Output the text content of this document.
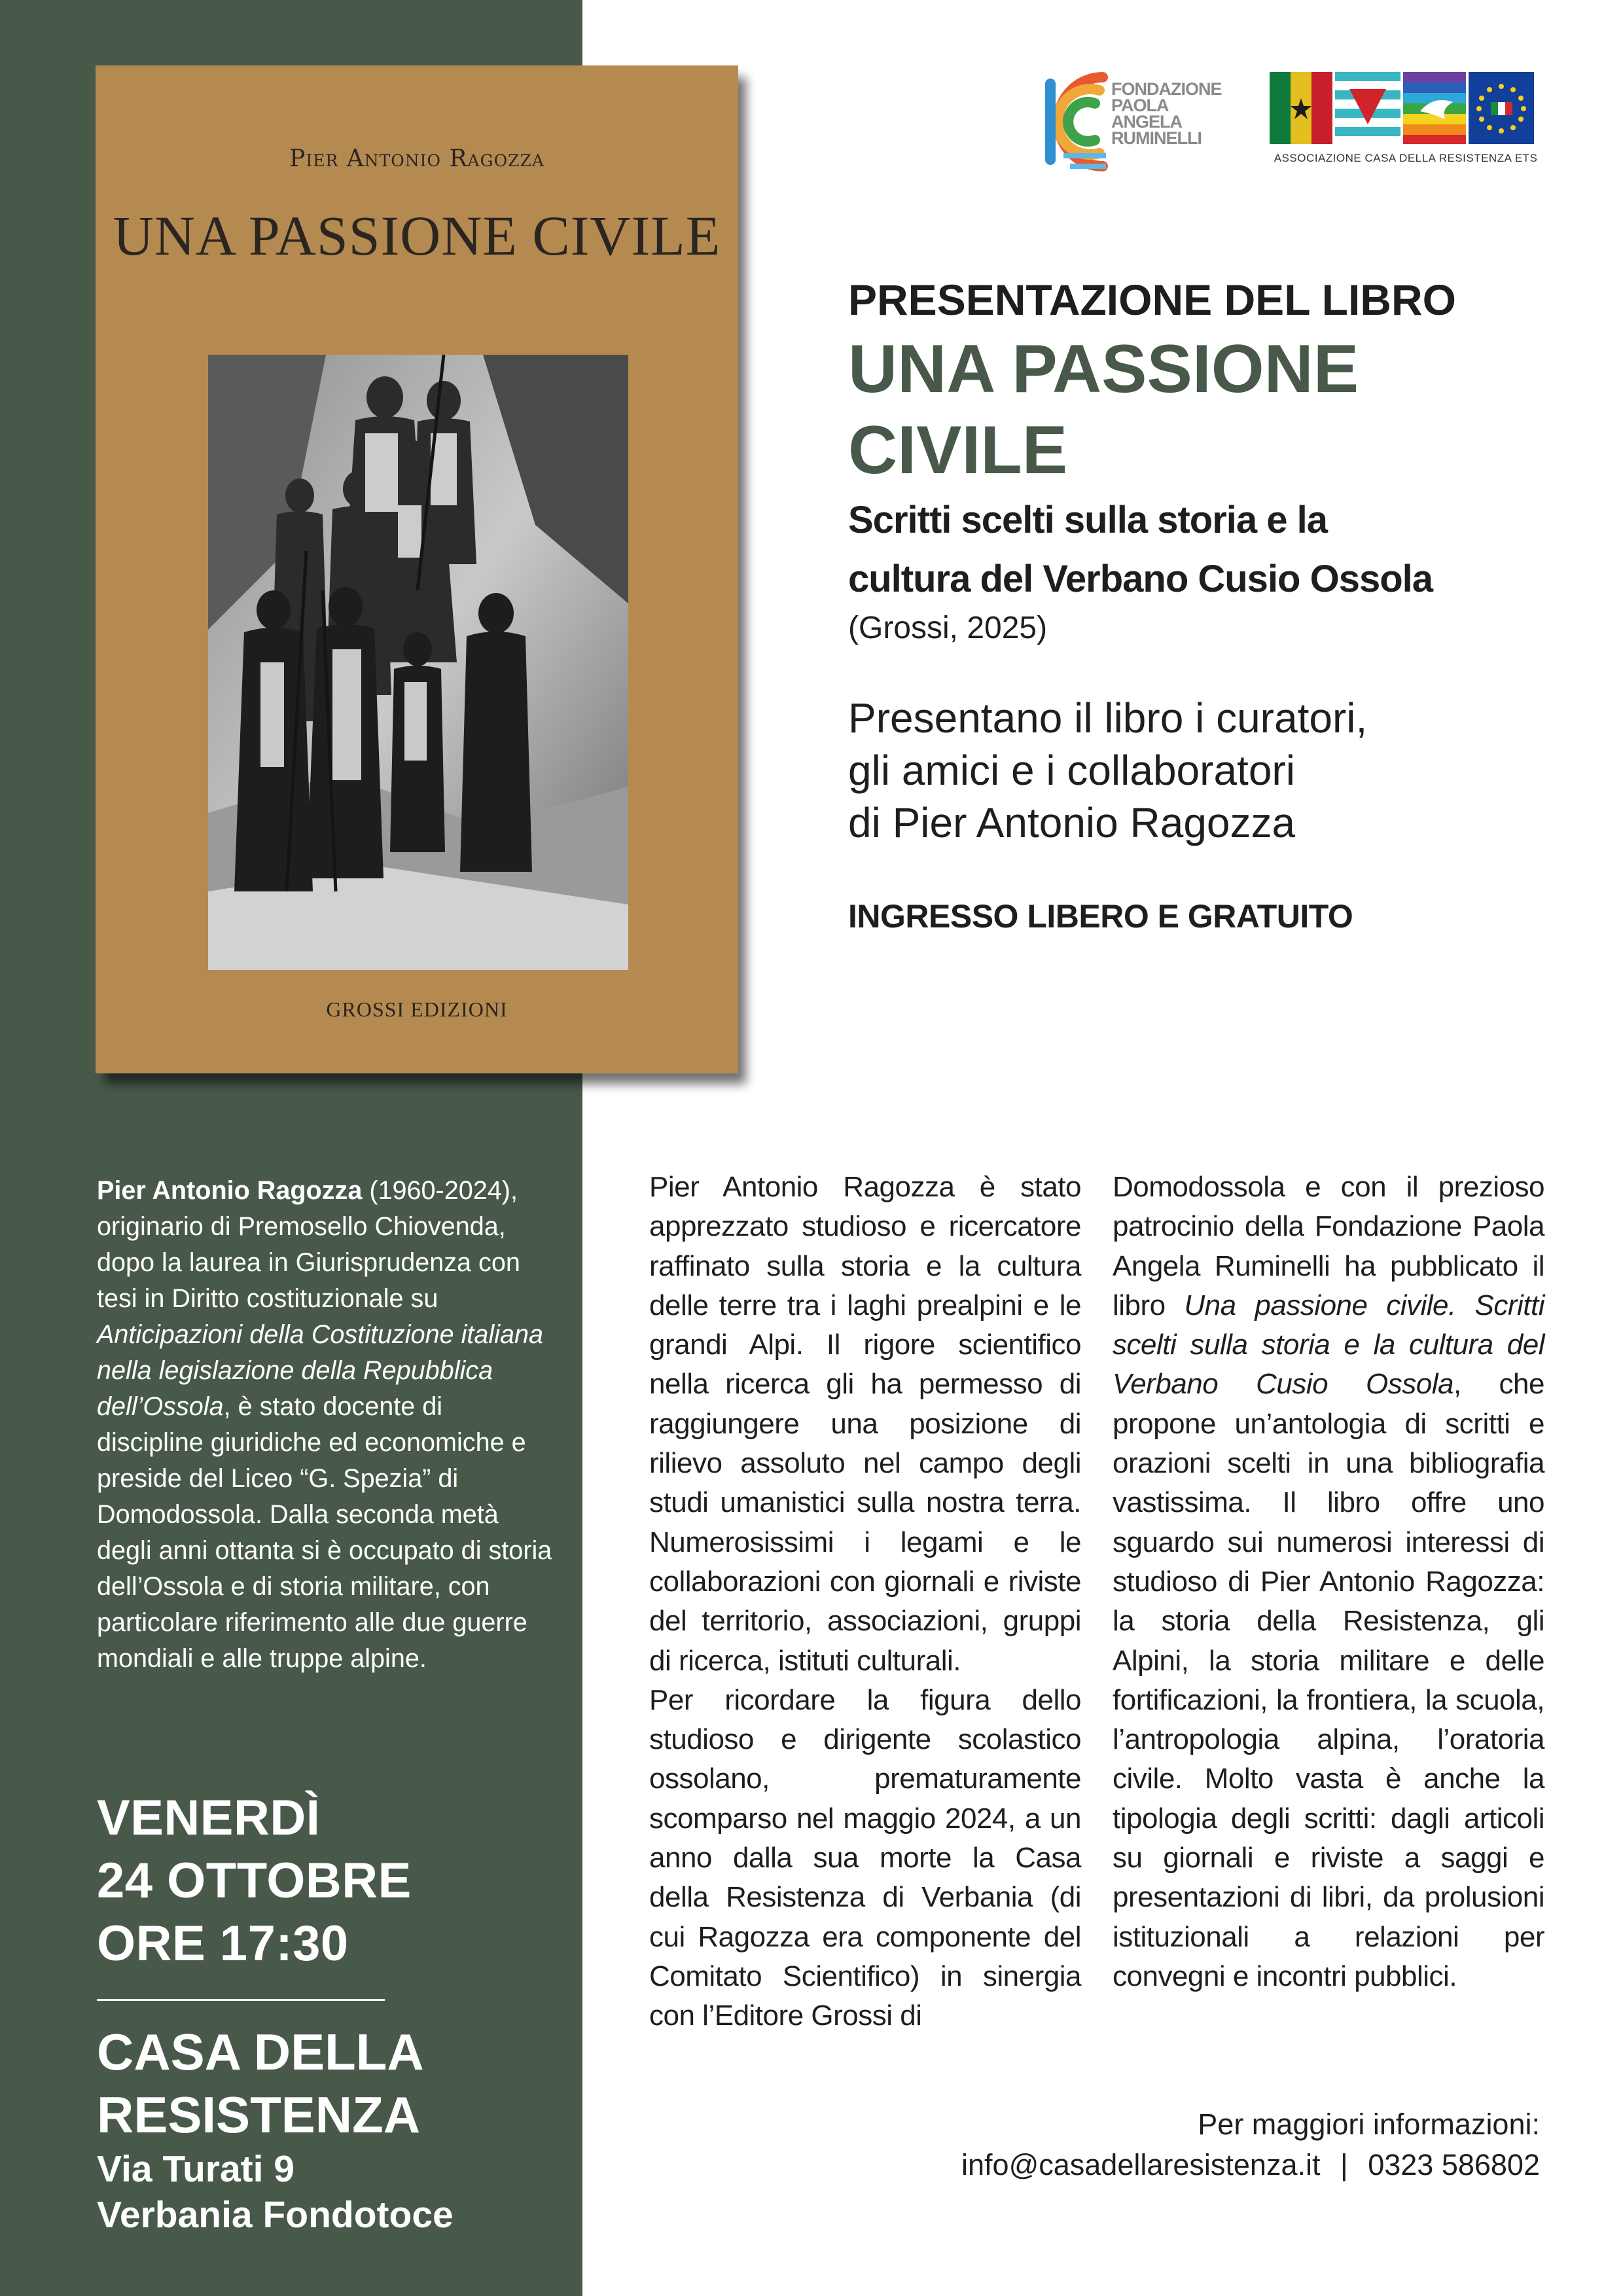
Pier Antonio Ragozza
UNA PASSIONE CIVILE
GROSSI EDIZIONI
FONDAZIONE
PAOLA
ANGELA
RUMINELLI
ASSOCIAZIONE CASA DELLA RESISTENZA ETS
PRESENTAZIONE DEL LIBRO
UNA PASSIONE
CIVILE
Scritti scelti sulla storia e la
cultura del Verbano Cusio Ossola
(Grossi, 2025)
Presentano il libro i curatori,
gli amici e i collaboratori
di Pier Antonio Ragozza
INGRESSO LIBERO E GRATUITO

Pier Antonio Ragozza (1960-2024), originario di Premosello Chiovenda, dopo la laurea in Giurisprudenza con tesi in Diritto costituzionale su Anticipazioni della Costituzione italiana nella legislazione della Repubblica dell’Ossola, è stato docente di discipline giuridiche ed economiche e preside del Liceo “G. Spezia” di Domodossola. Dalla seconda metà degli anni ottanta si è occupato di storia dell’Ossola e di storia militare, con particolare riferimento alle due guerre mondiali e alle truppe alpine.

VENERDÌ
24 OTTOBRE
ORE 17:30
CASA DELLA
RESISTENZA
Via Turati 9
Verbania Fondotoce

Pier Antonio Ragozza è stato apprezzato studioso e ricercatore raffinato sulla storia e la cultura delle terre tra i laghi prealpini e le grandi Alpi. Il rigore scientifico nella ricerca gli ha permesso di raggiungere una posizione di rilievo assoluto nel campo degli studi umanistici sulla nostra terra. Numerosissimi i legami e le collaborazioni con giornali e riviste del territorio, associazioni, gruppi di ricerca, istituti culturali.

Per ricordare la figura dello studioso e dirigente scolastico ossolano, prematuramente scomparso nel maggio 2024, a un anno dalla sua morte la Casa della Resistenza di Verbania (di cui Ragozza era componente del Comitato Scientifico) in sinergia con l’Editore Grossi di

Domodossola e con il prezioso patrocinio della Fondazione Paola Angela Ruminelli ha pubblicato il libro Una passione civile. Scritti scelti sulla storia e la cultura del Verbano Cusio Ossola, che propone un’antologia di scritti e orazioni scelti in una bibliografia vastissima. Il libro offre uno sguardo sui numerosi interessi di studioso di Pier Antonio Ragozza: la storia della Resistenza, gli Alpini, la storia militare e delle fortificazioni, la frontiera, la scuola, l’antropologia alpina, l’oratoria civile. Molto vasta è anche la tipologia degli scritti: dagli articoli su giornali e riviste a saggi e presentazioni di libri, da prolusioni istituzionali a relazioni per convegni e incontri pubblici.

Per maggiori informazioni:
info@casadellaresistenza.it | 0323 586802
